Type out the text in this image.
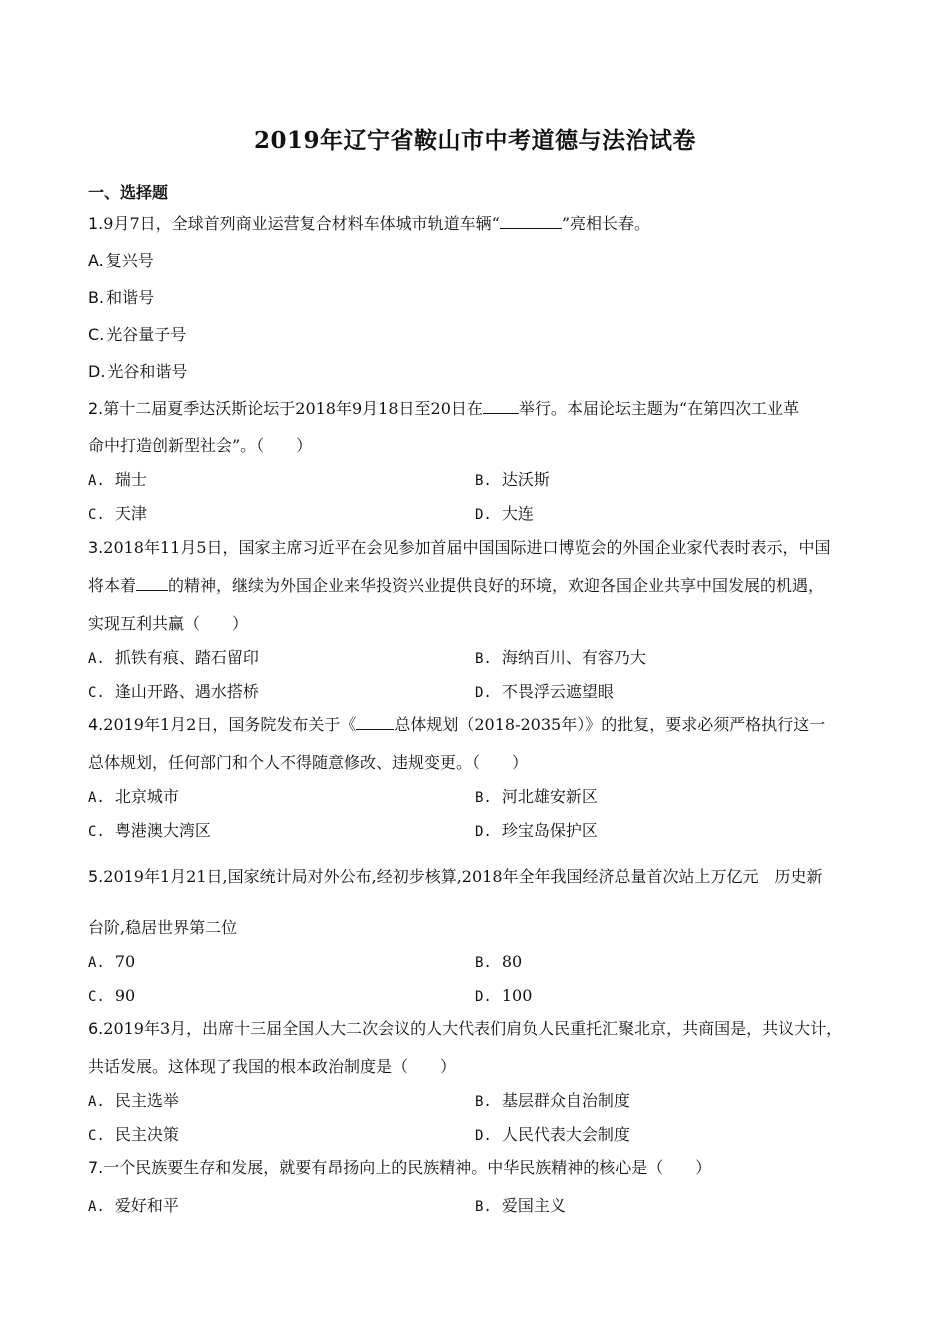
2019年辽宁省鞍山市中考道德与法治试卷
一、选择题
1.9月7日，全球首列商业运营复合材料车体城市轨道车辆“	”亮相长春。
A. 复兴号
B. 和谐号
C. 光谷量子号
D. 光谷和谐号
2.第十二届夏季达沃斯论坛于2018年9月18日至20日在 举行。本届论坛主题为“在第四次工业革
命中打造创新型社会”。（　　）
A. 瑞士	B. 达沃斯
C. 天津	D. 大连
3.2018年11月5日，国家主席习近平在会见参加首届中国国际进口博览会的外国企业家代表时表示，中国
将本着 的精神，继续为外国企业来华投资兴业提供良好的环境，欢迎各国企业共享中国发展的机遇，
实现互利共赢（　　）
A. 抓铁有痕、踏石留印	B. 海纳百川、有容乃大
C. 逢山开路、遇水搭桥	D. 不畏浮云遮望眼
4.2019年1月2日，国务院发布关于《 总体规划（2018-2035年）》的批复，要求必须严格执行这一
总体规划，任何部门和个人不得随意修改、违规变更。（　　）
A. 北京城市	B. 河北雄安新区
C. 粤港澳大湾区	D. 珍宝岛保护区
5.2019年1月21日,国家统计局对外公布,经初步核算,2018年全年我国经济总量首次站上万亿元　历史新
台阶,稳居世界第二位
A. 70	B. 80
C. 90	D. 100
6.2019年3月，出席十三届全国人大二次会议的人大代表们肩负人民重托汇聚北京，共商国是，共议大计，
共话发展。这体现了我国的根本政治制度是（　　）
A. 民主选举	B. 基层群众自治制度
C. 民主决策	D. 人民代表大会制度
7.一个民族要生存和发展，就要有昂扬向上的民族精神。中华民族精神的核心是（　　）
A. 爱好和平	B. 爱国主义
